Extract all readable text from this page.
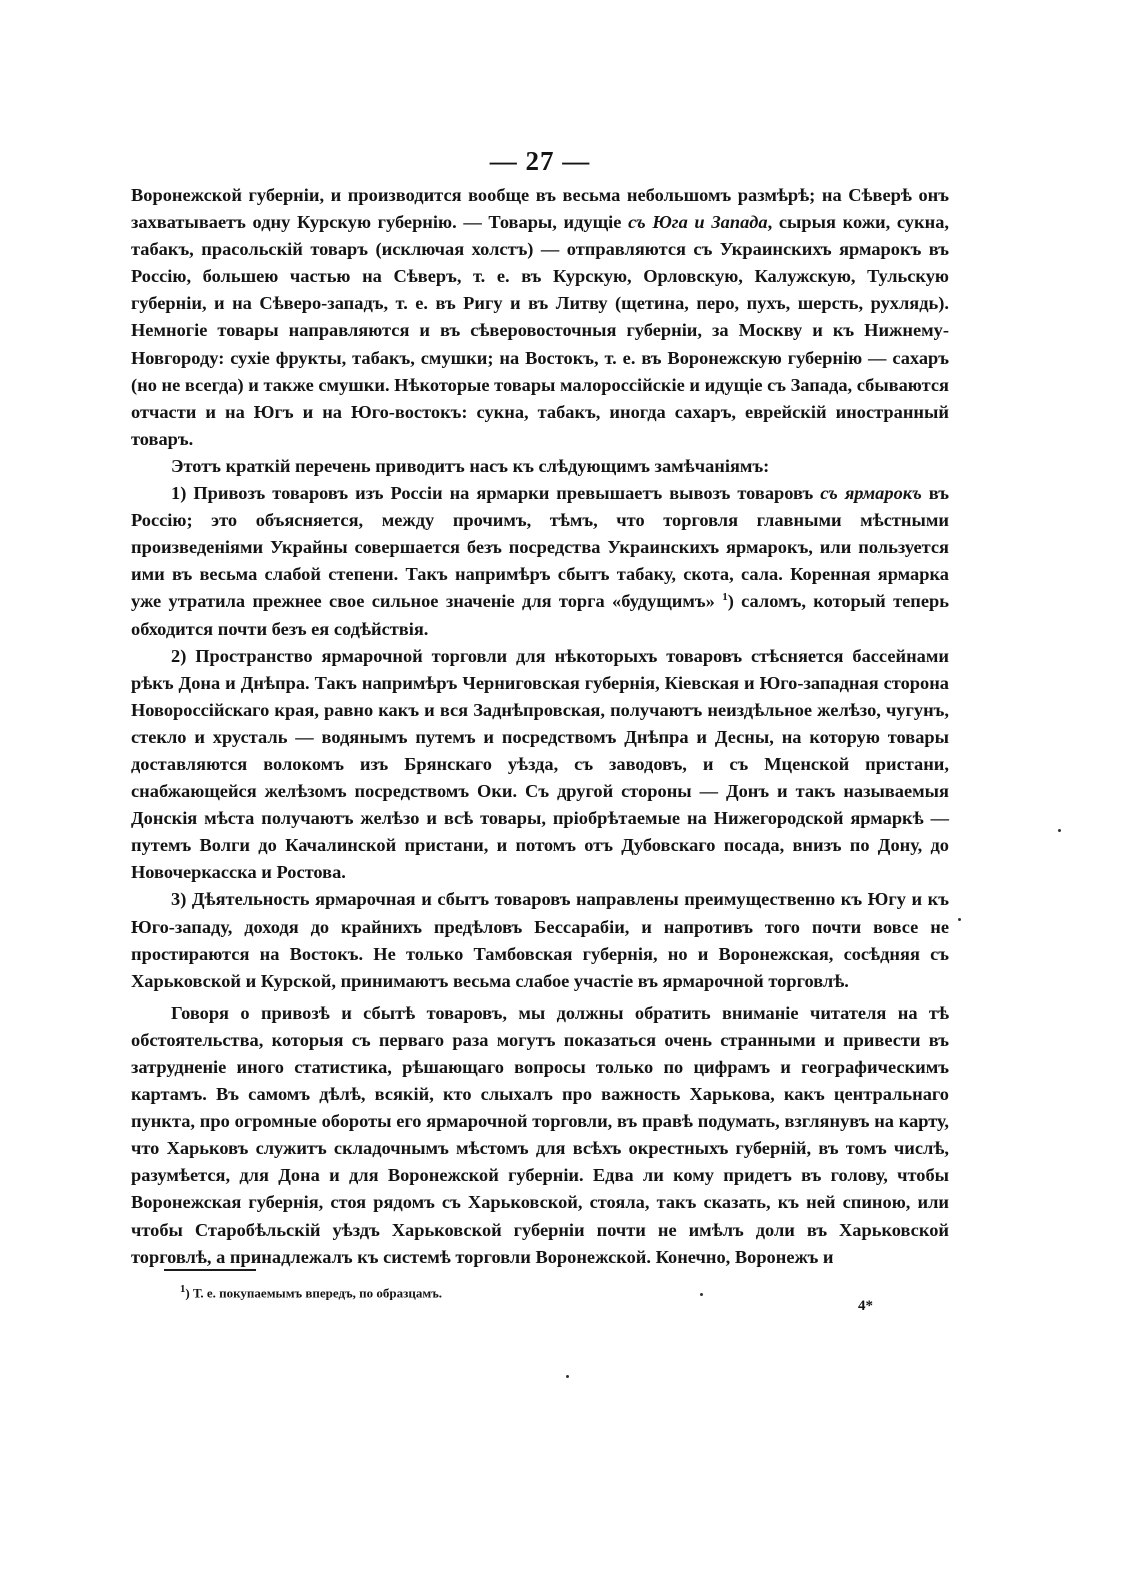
— 27 —

Воронежской губерніи, и производится вообще въ весьма небольшомъ размѣрѣ; на Сѣверѣ онъ захватываетъ одну Курскую губернію. — Товары, идущіе съ Юга и Запада, сырыя кожи, сукна, табакъ, прасольскій товаръ (исключая холстъ) — отправляются съ Украинскихъ ярмарокъ въ Россію, большею частью на Сѣверъ, т. е. въ Курскую, Орловскую, Калужскую, Тульскую губерніи, и на Сѣверо-западъ, т. е. въ Ригу и въ Литву (щетина, перо, пухъ, шерсть, рухлядь). Немногіе товары направляются и въ сѣверовосточныя губерніи, за Москву и къ Нижнему-Новгороду: сухіе фрукты, табакъ, смушки; на Востокъ, т. е. въ Воронежскую губернію — сахаръ (но не всегда) и также смушки. Нѣкоторые товары малороссійскіе и идущіе съ Запада, сбываются отчасти и на Югъ и на Юго-востокъ: сукна, табакъ, иногда сахаръ, еврейскій иностранный товаръ.

Этотъ краткій перечень приводитъ насъ къ слѣдующимъ замѣчаніямъ:

1) Привозъ товаровъ изъ Россіи на ярмарки превышаетъ вывозъ товаровъ съ ярмарокъ въ Россію; это объясняется, между прочимъ, тѣмъ, что торговля главными мѣстными произведеніями Украйны совершается безъ посредства Украинскихъ ярмарокъ, или пользуется ими въ весьма слабой степени. Такъ напримѣръ сбытъ табаку, скота, сала. Коренная ярмарка уже утратила прежнее свое сильное значеніе для торга «будущимъ» $^1$) саломъ, который теперь обходится почти безъ ея содѣйствія.

2) Пространство ярмарочной торговли для нѣкоторыхъ товаровъ стѣсняется бассейнами рѣкъ Дона и Днѣпра. Такъ напримѣръ Черниговская губернія, Кіевская и Юго-западная сторона Новороссійскаго края, равно какъ и вся Заднѣпровская, получаютъ неиздѣльное желѣзо, чугунъ, стекло и хрусталь — водянымъ путемъ и посредствомъ Днѣпра и Десны, на которую товары доставляются волокомъ изъ Брянскаго уѣзда, съ заводовъ, и съ Мценской пристани, снабжающейся желѣзомъ посредствомъ Оки. Съ другой стороны — Донъ и такъ называемыя Донскія мѣста получаютъ желѣзо и всѣ товары, пріобрѣтаемые на Нижегородской ярмаркѣ — путемъ Волги до Качалинской пристани, и потомъ отъ Дубовскаго посада, внизъ по Дону, до Новочеркасска и Ростова.

3) Дѣятельность ярмарочная и сбытъ товаровъ направлены преимущественно къ Югу и къ Юго-западу, доходя до крайнихъ предѣловъ Бессарабіи, и напротивъ того почти вовсе не простираются на Востокъ. Не только Тамбовская губернія, но и Воронежская, сосѣдняя съ Харьковской и Курской, принимаютъ весьма слабое участіе въ ярмарочной торговлѣ.

Говоря о привозѣ и сбытѣ товаровъ, мы должны обратить вниманіе читателя на тѣ обстоятельства, которыя съ перваго раза могутъ показаться очень странными и привести въ затрудненіе иного статистика, рѣшающаго вопросы только по цифрамъ и географическимъ картамъ. Въ самомъ дѣлѣ, всякій, кто слыхалъ про важность Харькова, какъ центральнаго пункта, про огромные обороты его ярмарочной торговли, въ правѣ подумать, взглянувъ на карту, что Харьковъ служитъ складочнымъ мѣстомъ для всѣхъ окрестныхъ губерній, въ томъ числѣ, разумѣется, для Дона и для Воронежской губерніи. Едва ли кому придетъ въ голову, чтобы Воронежская губернія, стоя рядомъ съ Харьковской, стояла, такъ сказать, къ ней спиною, или чтобы Старобѣльскій уѣздъ Харьковской губерніи почти не имѣлъ доли въ Харьковской торговлѣ, а принадлежалъ къ системѣ торговли Воронежской. Конечно, Воронежъ и

$^1$) Т. е. покупаемымъ впередъ, по образцамъ.
4*
